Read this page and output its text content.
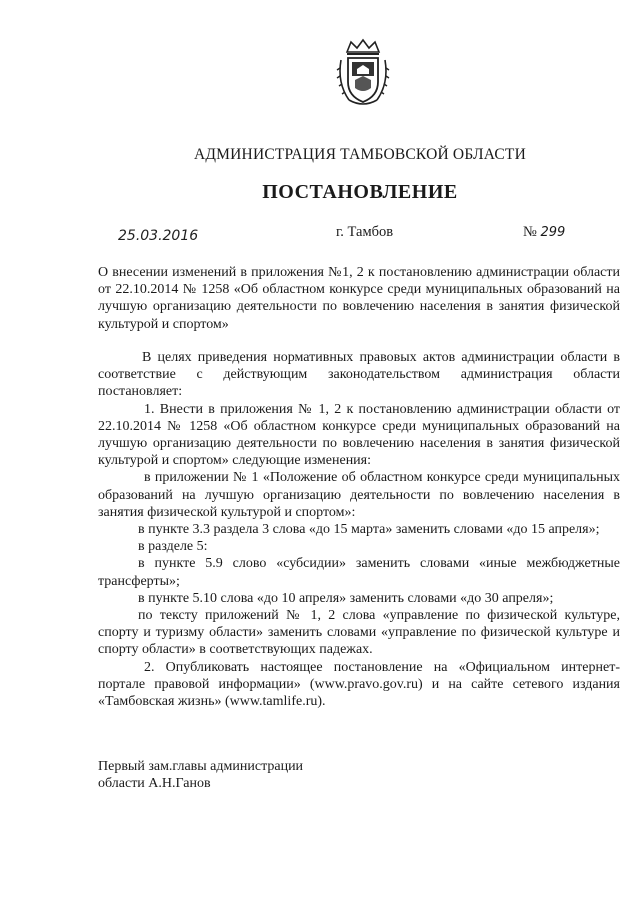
АДМИНИСТРАЦИЯ ТАМБОВСКОЙ ОБЛАСТИ
ПОСТАНОВЛЕНИЕ
25.03.2016	г. Тамбов	№ 299
О внесении изменений в приложения №1, 2 к постановлению администрации области от 22.10.2014 № 1258 «Об областном конкурсе среди муниципальных образований на лучшую организацию деятельности по вовлечению населения в занятия физической культурой и спортом»

В целях приведения нормативных правовых актов администрации области в соответствие с действующим законодательством администрация области постановляет:

1. Внести в приложения № 1, 2 к постановлению администрации области от 22.10.2014 № 1258 «Об областном конкурсе среди муниципальных образований на лучшую организацию деятельности по вовлечению населения в занятия физической культурой и спортом» следующие изменения:

в приложении № 1 «Положение об областном конкурсе среди муниципальных образований на лучшую организацию деятельности по вовлечению населения в занятия физической культурой и спортом»:

в пункте 3.3 раздела 3 слова «до 15 марта» заменить словами «до 15 апреля»;

в разделе 5:

в пункте 5.9 слово «субсидии» заменить словами «иные межбюджетные трансферты»;

в пункте 5.10 слова «до 10 апреля» заменить словами «до 30 апреля»;

по тексту приложений № 1, 2 слова «управление по физической культуре, спорту и туризму области» заменить словами «управление по физической культуре и спорту области» в соответствующих падежах.

2. Опубликовать настоящее постановление на «Официальном интернет-портале правовой информации» (www.pravo.gov.ru) и на сайте сетевого издания «Тамбовская жизнь» (www.tamlife.ru).

Первый зам.главы администрации
области А.Н.Ганов
